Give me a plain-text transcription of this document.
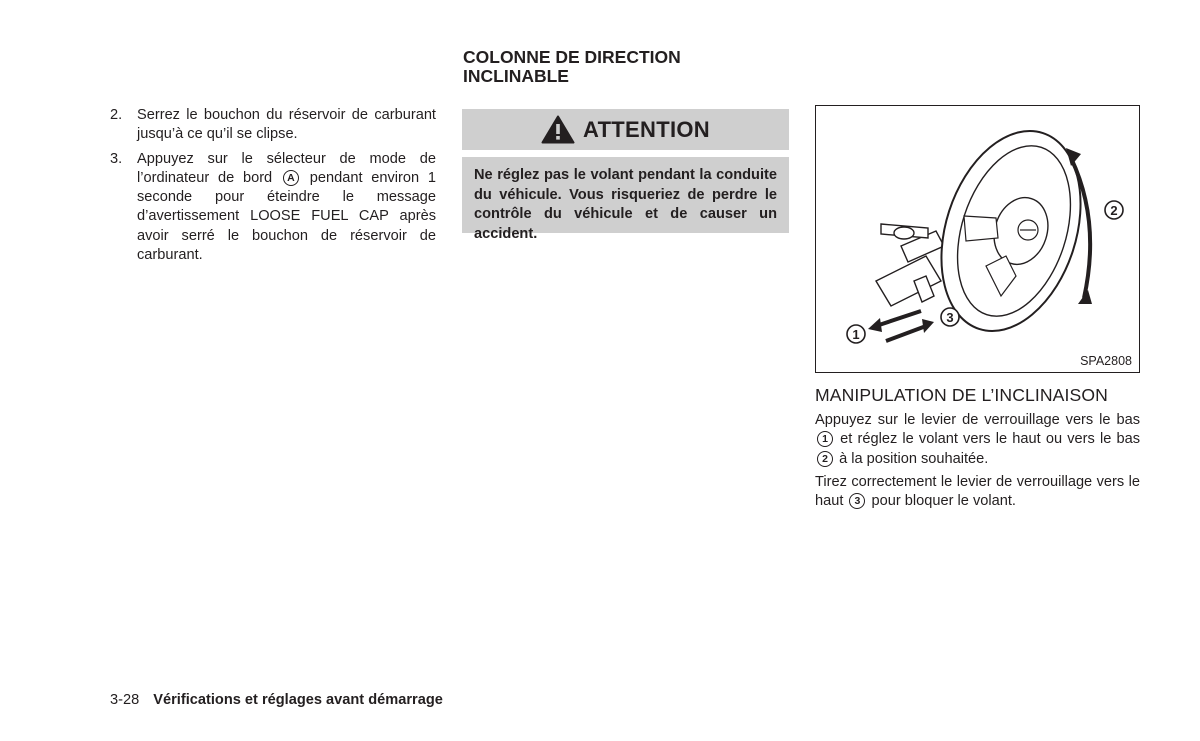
COLONNE DE DIRECTION
INCLINABLE
2.	Serrez le bouchon du réservoir de carburant jusqu’à ce qu’il se clipse.
3.	Appuyez sur le sélecteur de mode de l’ordinateur de bord A pendant environ 1 seconde pour éteindre le message d’avertissement LOOSE FUEL CAP après avoir serré le bouchon de réservoir de carburant.
ATTENTION
Ne réglez pas le volant pendant la conduite du véhicule. Vous risqueriez de perdre le contrôle du véhicule et de causer un accident.
2
1
3
SPA2808
MANIPULATION DE L’INCLINAISON
Appuyez sur le levier de verrouillage vers le bas 1 et réglez le volant vers le haut ou vers le bas 2 à la position souhaitée.
Tirez correctement le levier de verrouillage vers le haut 3 pour bloquer le volant.
3-28 Vérifications et réglages avant démarrage
